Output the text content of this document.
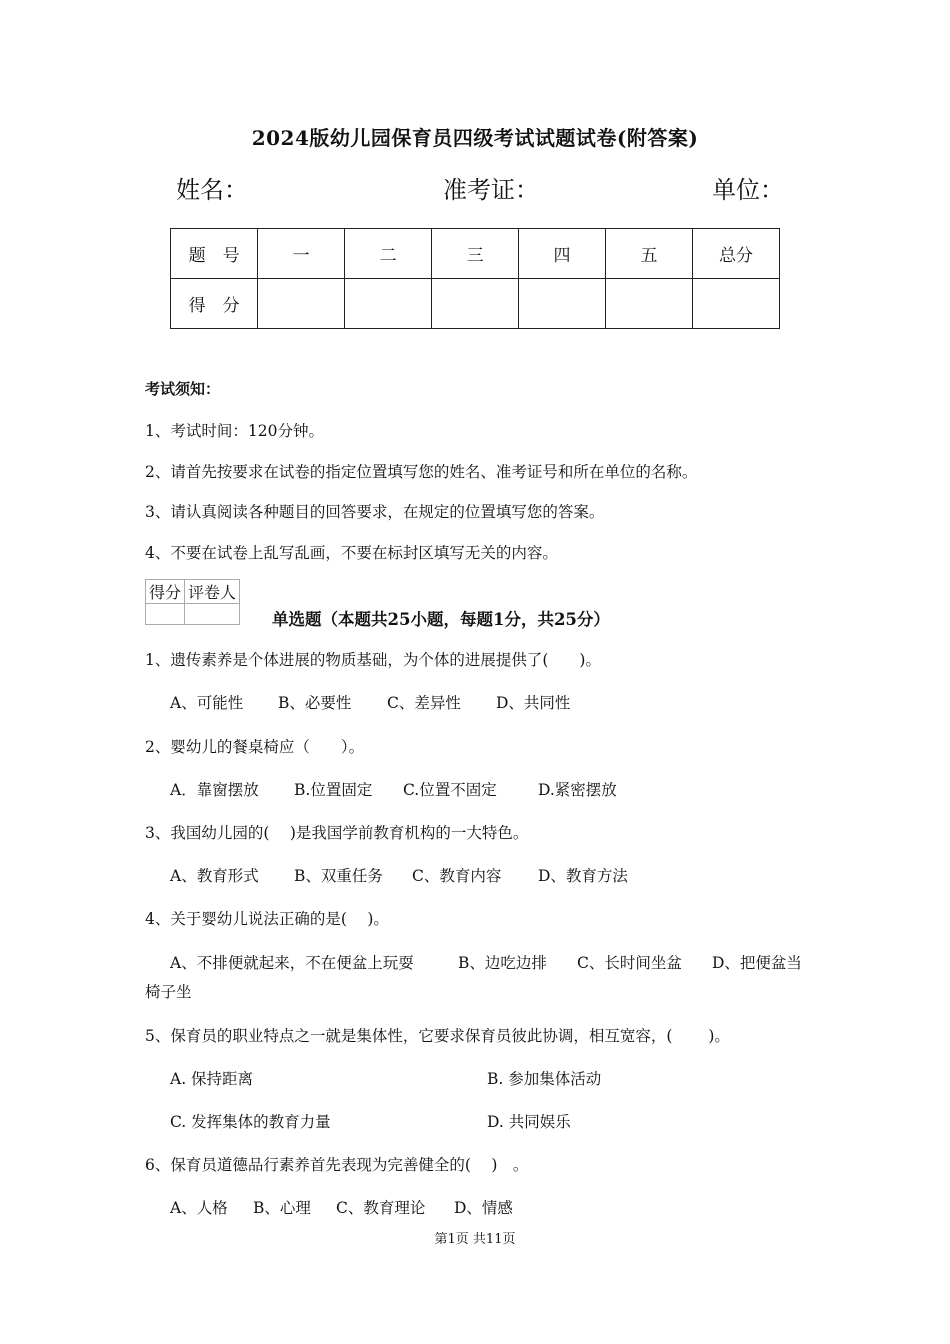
2024版幼儿园保育员四级考试试题试卷(附答案)
姓名：	准考证：	单位：
题　号	一	二	三	四	五	总分
得　分						
考试须知：
1、考试时间：120分钟。
2、请首先按要求在试卷的指定位置填写您的姓名、准考证号和所在单位的名称。
3、请认真阅读各种题目的回答要求，在规定的位置填写您的答案。
4、不要在试卷上乱写乱画，不要在标封区填写无关的内容。
得分	评卷人

单选题（本题共25小题，每题1分，共25分）
1、遗传素养是个体进展的物质基础，为个体的进展提供了(　　)。
A、可能性 B、必要性 C、差异性 D、共同性
2、婴幼儿的餐桌椅应（　　）。
A．靠窗摆放 B.位置固定 C.位置不固定	D.紧密摆放
3、我国幼儿园的(　 )是我国学前教育机构的一大特色。
A、教育形式 B、双重任务 C、教育内容 D、教育方法
4、关于婴幼儿说法正确的是(　 )。
A、不排便就起来，不在便盆上玩耍	B、边吃边排 C、长时间坐盆 D、把便盆当
椅子坐
5、保育员的职业特点之一就是集体性，它要求保育员彼此协调，相互宽容，(　　 )。
A. 保持距离	B. 参加集体活动
C. 发挥集体的教育力量	D. 共同娱乐
6、保育员道德品行素养首先表现为完善健全的(　 )　。
A、人格 B、心理 C、教育理论 D、情感
第1页 共11页
